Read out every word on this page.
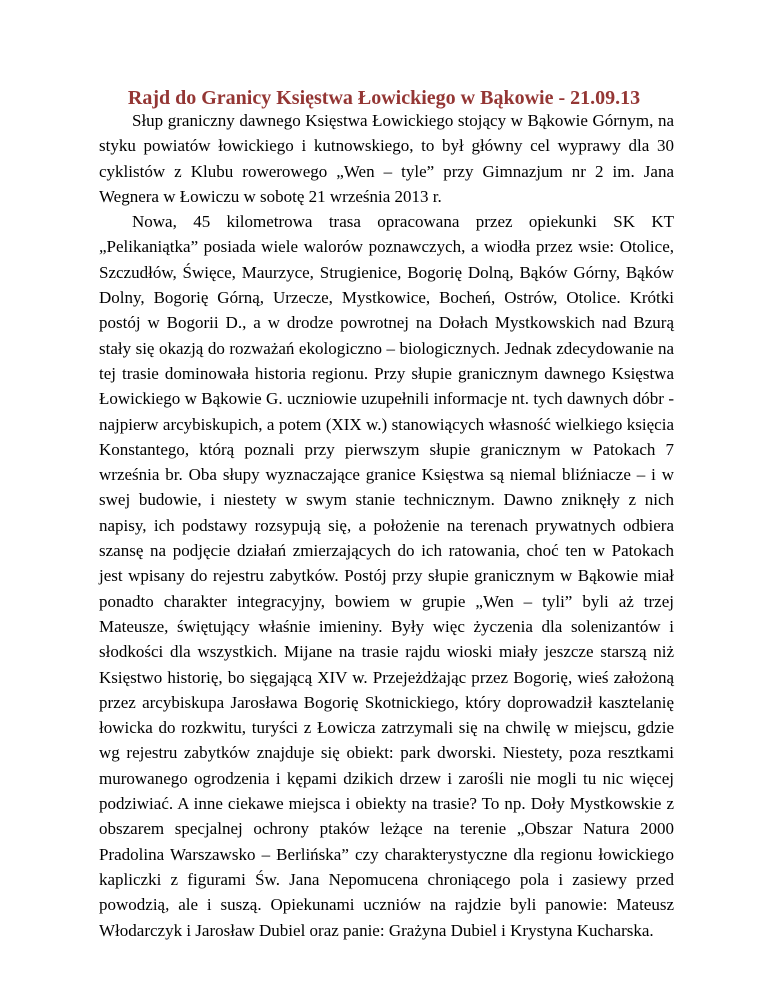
Rajd do Granicy Księstwa Łowickiego w Bąkowie - 21.09.13

Słup graniczny dawnego Księstwa Łowickiego stojący w Bąkowie Górnym, na styku powiatów łowickiego i kutnowskiego, to był główny cel wyprawy dla 30 cyklistów z Klubu rowerowego „Wen – tyle” przy Gimnazjum nr 2 im. Jana Wegnera w Łowiczu w sobotę 21 września 2013 r.

Nowa, 45 kilometrowa trasa opracowana przez opiekunki SK KT „Pelikaniątka” posiada wiele walorów poznawczych, a wiodła przez wsie: Otolice, Szczudłów, Święce, Maurzyce, Strugienice, Bogorię Dolną, Bąków Górny, Bąków Dolny, Bogorię Górną, Urzecze, Mystkowice, Bocheń, Ostrów, Otolice. Krótki postój w Bogorii D., a w drodze powrotnej na Dołach Mystkowskich nad Bzurą stały się okazją do rozważań ekologiczno – biologicznych. Jednak zdecydowanie na tej trasie dominowała historia regionu. Przy słupie granicznym dawnego Księstwa Łowickiego w Bąkowie G. uczniowie uzupełnili informacje nt. tych dawnych dóbr - najpierw arcybiskupich, a potem (XIX w.) stanowiących własność wielkiego księcia Konstantego, którą poznali przy pierwszym słupie granicznym w Patokach 7 września br. Oba słupy wyznaczające granice Księstwa są niemal bliźniacze – i w swej budowie, i niestety w swym stanie technicznym. Dawno zniknęły z nich napisy, ich podstawy rozsypują się, a położenie na terenach prywatnych odbiera szansę na podjęcie działań zmierzających do ich ratowania, choć ten w Patokach jest wpisany do rejestru zabytków. Postój przy słupie granicznym w Bąkowie miał ponadto charakter integracyjny, bowiem w grupie „Wen – tyli” byli aż trzej Mateusze, świętujący właśnie imieniny. Były więc życzenia dla solenizantów i słodkości dla wszystkich. Mijane na trasie rajdu wioski miały jeszcze starszą niż Księstwo historię, bo sięgającą XIV w. Przejeżdżając przez Bogorię, wieś założoną przez arcybiskupa Jarosława Bogorię Skotnickiego, który doprowadził kasztelanię łowicka do rozkwitu, turyści z Łowicza zatrzymali się na chwilę w miejscu, gdzie wg rejestru zabytków znajduje się obiekt: park dworski. Niestety, poza resztkami murowanego ogrodzenia i kępami dzikich drzew i zarośli nie mogli tu nic więcej podziwiać. A inne ciekawe miejsca i obiekty na trasie? To np. Doły Mystkowskie z obszarem specjalnej ochrony ptaków leżące na terenie „Obszar Natura 2000 Pradolina Warszawsko – Berlińska” czy charakterystyczne dla regionu łowickiego kapliczki z figurami Św. Jana Nepomucena chroniącego pola i zasiewy przed powodzią, ale i suszą. Opiekunami uczniów na rajdzie byli panowie: Mateusz Włodarczyk i Jarosław Dubiel oraz panie: Grażyna Dubiel i Krystyna Kucharska.
